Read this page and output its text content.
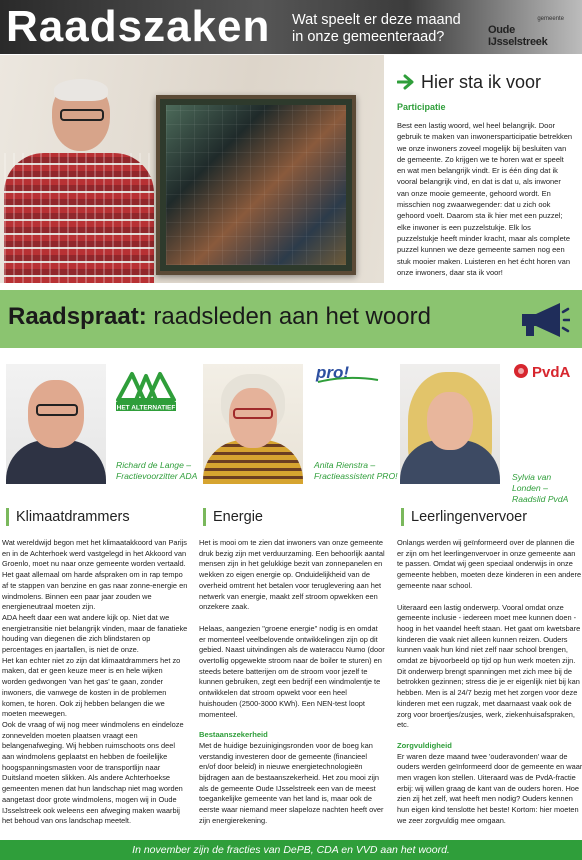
Raadszaken Wat speelt er deze maand
in onze gemeenteraad?
gemeente
Oude IJsselstreek
Hier sta ik voor
Participatie
Best een lastig woord, wel heel belangrijk. Door gebruik te maken van inwonersparticipatie betrekken we onze inwoners zoveel mogelijk bij besluiten van de gemeente. Zo krijgen we te horen wat er speelt en wat men belangrijk vindt. Er is één ding dat ik vooral belangrijk vind, en dat is dat u, als inwoner van onze mooie gemeente, gehoord wordt. En misschien nog zwaarwegender: dat u zich ook gehoord voelt. Daarom sta ik hier met een puzzel; elke inwoner is een puzzelstukje. Elk los puzzelstukje heeft minder kracht, maar als complete puzzel kunnen we deze gemeente samen nog een stuk mooier maken. Luisteren en het écht horen van onze inwoners, daar sta ik voor!
Raadspraat: raadsleden aan het woord
HET ALTERNATIEF
pro!	PvdA
Richard de Lange – Fractievoorzitter ADA
Anita Rienstra – Fractieassistent PRO!	Sylvia van Londen – Raadslid PvdA
Klimaatdrammers

Wat wereldwijd begon met het klimaatakkoord van Parijs en in de Achterhoek werd vastgelegd in het Akkoord van Groenlo, moet nu naar onze gemeente worden vertaald. Het gaat allemaal om harde afspraken om in rap tempo af te stappen van benzine en gas naar zonne-energie en windmolens. Binnen een paar jaar zouden we energieneutraal moeten zijn.

ADA heeft daar een wat andere kijk op. Niet dat we energietransitie niet belangrijk vinden, maar de fanatieke houding van diegenen die zich blindstaren op percentages en jaartallen, is niet de onze.

Het kan echter niet zo zijn dat klimaatdrammers het zo maken, dat er geen keuze meer is en hele wijken worden gedwongen 'van het gas' te gaan, zonder inwoners, die vanwege de kosten in de problemen komen, te horen. Ook zij hebben belangen die we moeten meewegen.

Ook de vraag of wij nog meer windmolens en eindeloze zonnevelden moeten plaatsen vraagt een belangenafweging. Wij hebben ruimschoots ons deel aan windmolens geplaatst en hebben de foeilelijke hoogspanningsmasten voor de transportlijn naar Duitsland moeten slikken. Als andere Achterhoekse gemeenten menen dat hun landschap niet mag worden aangetast door grote windmolens, mogen wij in Oude IJsselstreek ook weleens een afweging maken waarbij het behoud van ons landschap meetelt.

Energie

Het is mooi om te zien dat inwoners van onze gemeente druk bezig zijn met verduurzaming. Een behoorlijk aantal mensen zijn in het gelukkige bezit van zonnepanelen en wekken zo eigen energie op. Onduidelijkheid van de overheid omtrent het betalen voor teruglevering aan het netwerk van energie, maakt zelf stroom opwekken een onzekere zaak.

Helaas, aangezien "groene energie" nodig is en omdat er momenteel veelbelovende ontwikkelingen zijn op dit gebied. Naast uitvindingen als de wateraccu Numo (door overtollig opgewekte stroom naar de boiler te sturen) en steeds betere batterijen om de stroom voor jezelf te kunnen gebruiken, zegt een bedrijf een windmolentje te ontwikkelen dat stroom opwekt voor een heel huishouden (2500-3000 KWh). Een NEN-test loopt momenteel.

Bestaanszekerheid

Met de huidige bezuinigingsronden voor de boeg kan verstandig investeren door de gemeente (financieel en/of door beleid) in nieuwe energietechnologieën bijdragen aan de bestaanszekerheid. Het zou mooi zijn als de gemeente Oude IJsselstreek een van de meest toegankelijke gemeente van het land is, maar ook de eerste waar niemand meer slapeloze nachten heeft over zijn energierekening.

Leerlingenvervoer

Onlangs werden wij geïnformeerd over de plannen die er zijn om het leerlingenvervoer in onze gemeente aan te passen. Omdat wij geen speciaal onderwijs in onze gemeente hebben, moeten deze kinderen in een andere gemeente naar school.

Uiteraard een lastig onderwerp. Vooral omdat onze gemeente inclusie - iedereen moet mee kunnen doen - hoog in het vaandel heeft staan. Het gaat om kwetsbare kinderen die vaak niet alleen kunnen reizen. Ouders kunnen vaak hun kind niet zelf naar school brengen, omdat ze bijvoorbeeld op tijd op hun werk moeten zijn. Dit onderwerp brengt spanningen met zich mee bij de betrokken gezinnen; stress die je er eigenlijk niet bij kan hebben. Men is al 24/7 bezig met het zorgen voor deze kinderen met een rugzak, met daarnaast vaak ook de zorg voor broertjes/zusjes, werk, ziekenhuisafspraken, etc.

Zorgvuldigheid

Er waren deze maand twee 'ouderavonden' waar de ouders werden geïnformeerd door de gemeente en waar men vragen kon stellen. Uiteraard was de PvdA-fractie erbij: wij willen graag de kant van de ouders horen. Hoe zien zij het zelf, wat heeft men nodig? Ouders kennen hun eigen kind tenslotte het beste! Kortom: hier moeten we zeer zorgvuldig mee omgaan.

In november zijn de fracties van DePB, CDA en VVD aan het woord.
